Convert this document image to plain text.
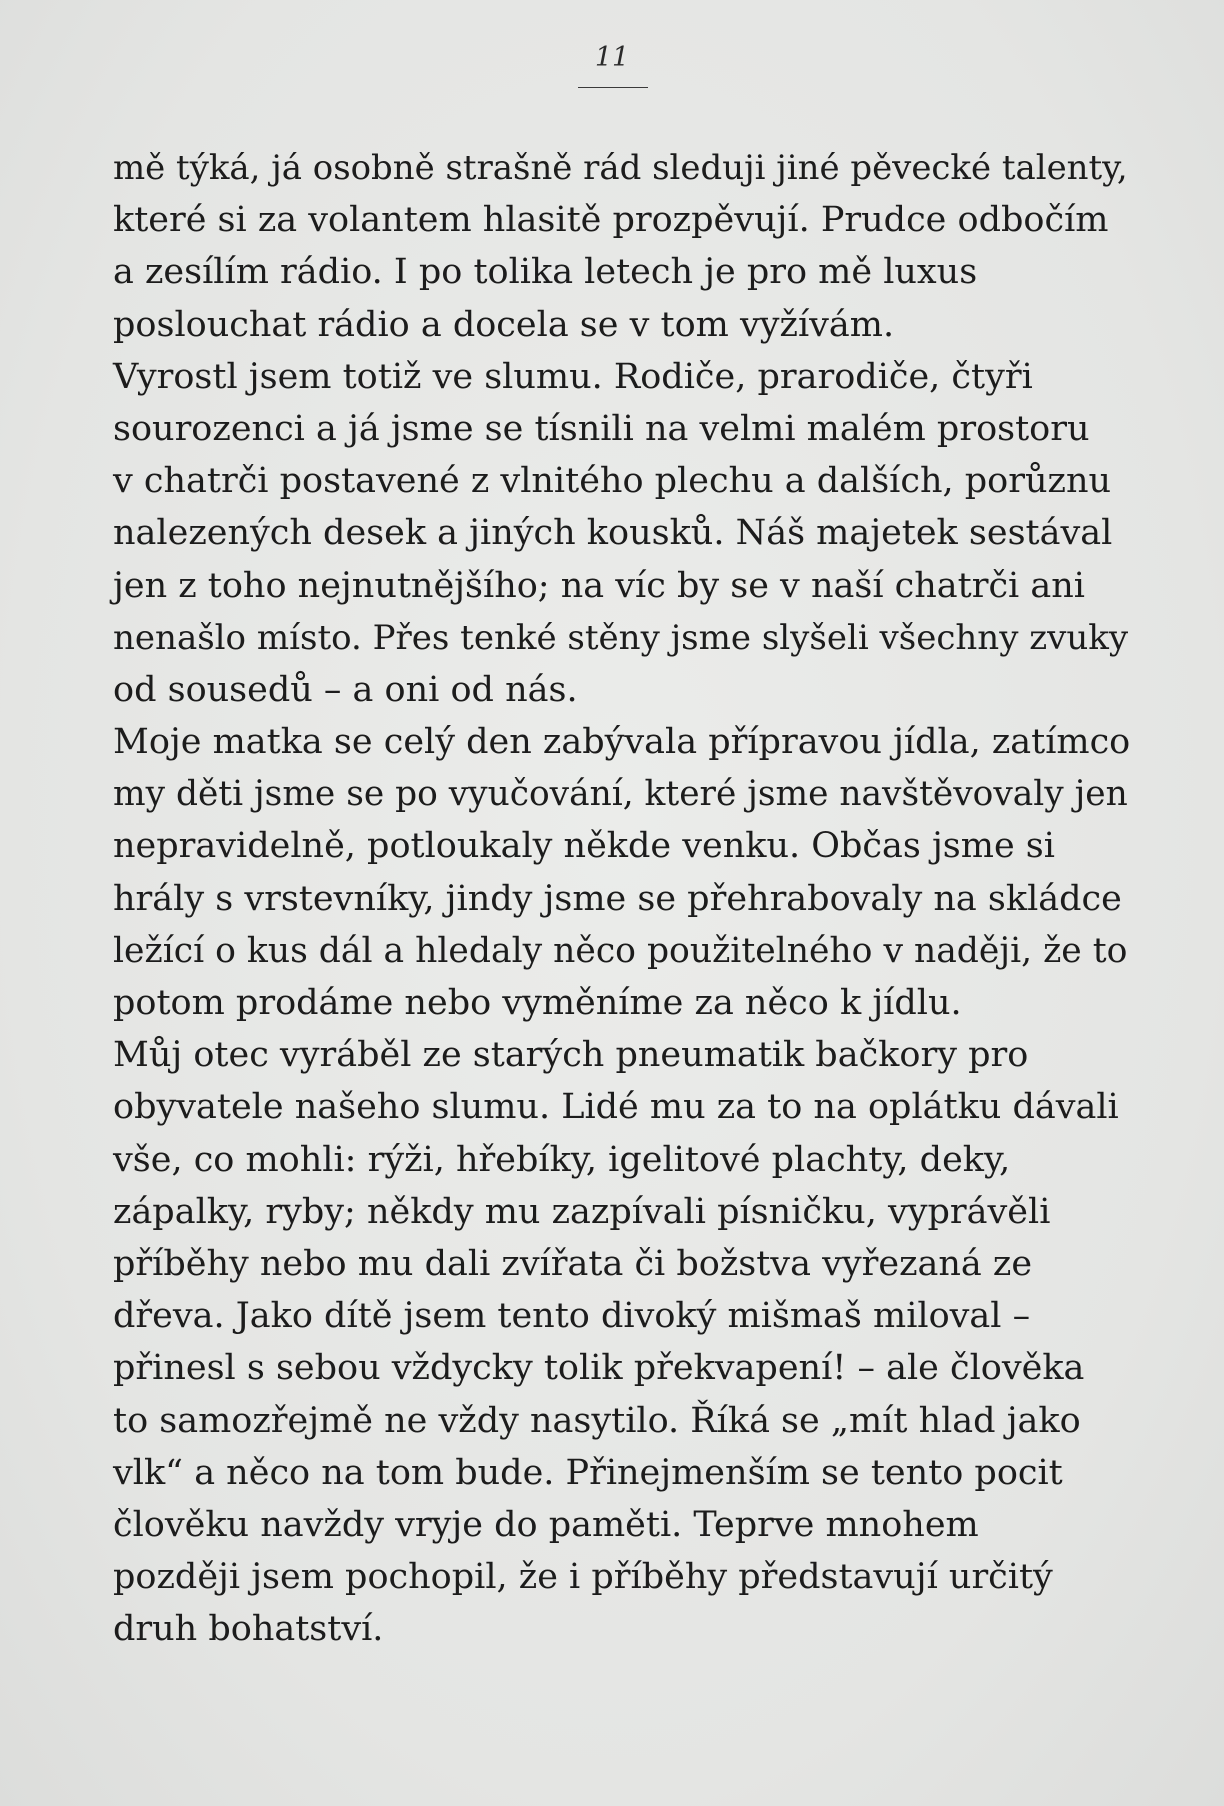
11
mě týká, já osobně strašně rád sleduji jiné pěvecké talenty,
které si za volantem hlasitě prozpěvují. Prudce odbočím
a zesílím rádio. I po tolika letech je pro mě luxus
poslouchat rádio a docela se v tom vyžívám.
Vyrostl jsem totiž ve slumu. Rodiče, prarodiče, čtyři
sourozenci a já jsme se tísnili na velmi malém prostoru
v chatrči postavené z vlnitého plechu a dalších, porůznu
nalezených desek a jiných kousků. Náš majetek sestával
jen z toho nejnutnějšího; na víc by se v naší chatrči ani
nenašlo místo. Přes tenké stěny jsme slyšeli všechny zvuky
od sousedů – a oni od nás.
Moje matka se celý den zabývala přípravou jídla, zatímco
my děti jsme se po vyučování, které jsme navštěvovaly jen
nepravidelně, potloukaly někde venku. Občas jsme si
hrály s vrstevníky, jindy jsme se přehrabovaly na skládce
ležící o kus dál a hledaly něco použitelného v naději, že to
potom prodáme nebo vyměníme za něco k jídlu.
Můj otec vyráběl ze starých pneumatik bačkory pro
obyvatele našeho slumu. Lidé mu za to na oplátku dávali
vše, co mohli: rýži, hřebíky, igelitové plachty, deky,
zápalky, ryby; někdy mu zazpívali písničku, vyprávěli
příběhy nebo mu dali zvířata či božstva vyřezaná ze
dřeva. Jako dítě jsem tento divoký mišmaš miloval –
přinesl s sebou vždycky tolik překvapení! – ale člověka
to samozřejmě ne vždy nasytilo. Říká se „mít hlad jako
vlk“ a něco na tom bude. Přinejmenším se tento pocit
člověku navždy vryje do paměti. Teprve mnohem
později jsem pochopil, že i příběhy představují určitý
druh bohatství.
